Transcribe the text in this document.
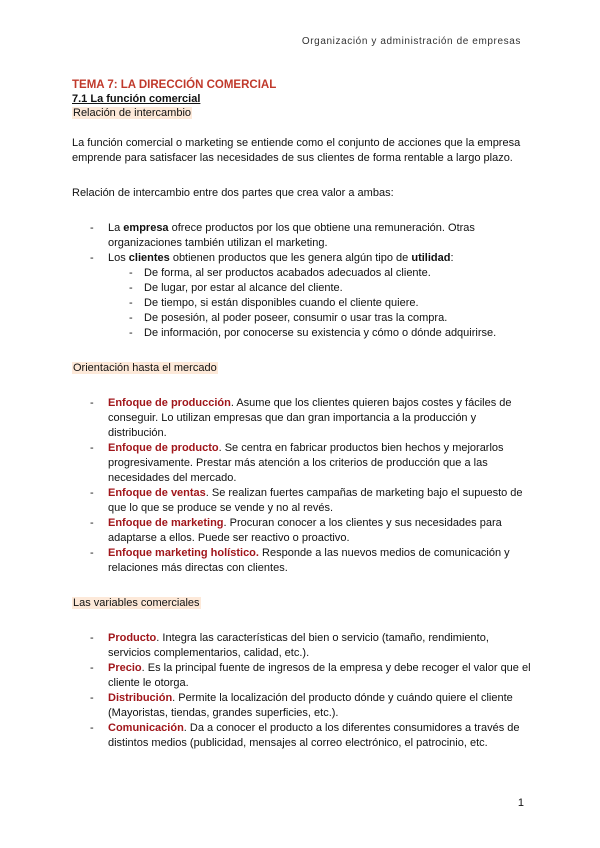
Organización y administración de empresas

TEMA 7: LA DIRECCIÓN COMERCIAL

7.1 La función comercial

Relación de intercambio

La función comercial o marketing se entiende como el conjunto de acciones que la empresa emprende para satisfacer las necesidades de sus clientes de forma rentable a largo plazo.

Relación de intercambio entre dos partes que crea valor a ambas:

- La empresa ofrece productos por los que obtiene una remuneración. Otras organizaciones también utilizan el marketing.
- Los clientes obtienen productos que les genera algún tipo de utilidad:
- De forma, al ser productos acabados adecuados al cliente.
- De lugar, por estar al alcance del cliente.
- De tiempo, si están disponibles cuando el cliente quiere.
- De posesión, al poder poseer, consumir o usar tras la compra.
- De información, por conocerse su existencia y cómo o dónde adquirirse.

Orientación hasta el mercado

- Enfoque de producción. Asume que los clientes quieren bajos costes y fáciles de conseguir. Lo utilizan empresas que dan gran importancia a la producción y distribución.
- Enfoque de producto. Se centra en fabricar productos bien hechos y mejorarlos progresivamente. Prestar más atención a los criterios de producción que a las necesidades del mercado.
- Enfoque de ventas. Se realizan fuertes campañas de marketing bajo el supuesto de que lo que se produce se vende y no al revés.
- Enfoque de marketing. Procuran conocer a los clientes y sus necesidades para adaptarse a ellos. Puede ser reactivo o proactivo.
- Enfoque marketing holístico. Responde a las nuevos medios de comunicación y relaciones más directas con clientes.

Las variables comerciales

- Producto. Integra las características del bien o servicio (tamaño, rendimiento, servicios complementarios, calidad, etc.).
- Precio. Es la principal fuente de ingresos de la empresa y debe recoger el valor que el cliente le otorga.
- Distribución. Permite la localización del producto dónde y cuándo quiere el cliente (Mayoristas, tiendas, grandes superficies, etc.).
- Comunicación. Da a conocer el producto a los diferentes consumidores a través de distintos medios (publicidad, mensajes al correo electrónico, el patrocinio, etc.
1
